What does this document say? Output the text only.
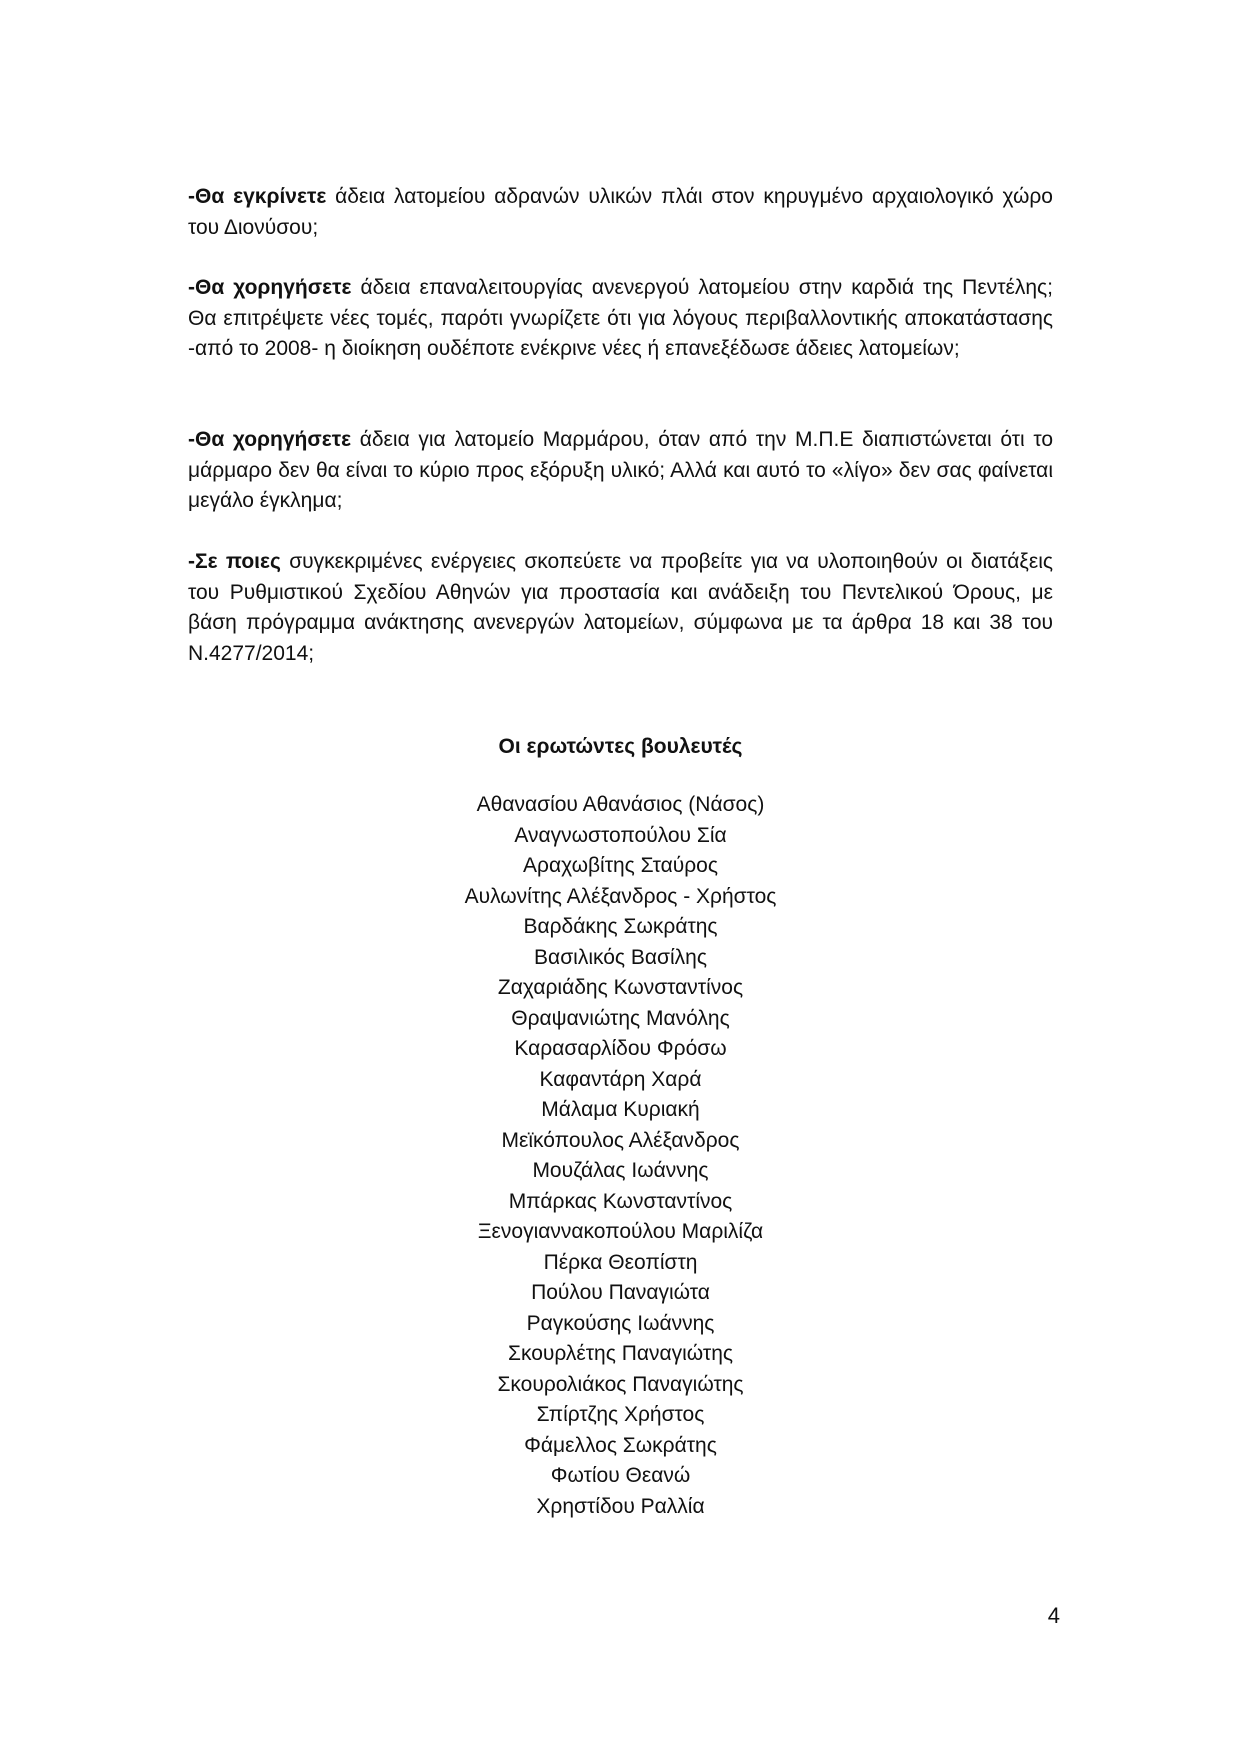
-Θα εγκρίνετε άδεια λατομείου αδρανών υλικών πλάι στον κηρυγμένο αρχαιολογικό χώρο του Διονύσου;

-Θα χορηγήσετε άδεια επαναλειτουργίας ανενεργού λατομείου στην καρδιά της Πεντέλης; Θα επιτρέψετε νέες τομές, παρότι γνωρίζετε ότι για λόγους περιβαλλοντικής αποκατάστασης -από το 2008- η διοίκηση ουδέποτε ενέκρινε νέες ή επανεξέδωσε άδειες λατομείων;

-Θα χορηγήσετε άδεια για λατομείο Μαρμάρου, όταν από την Μ.Π.Ε διαπιστώνεται ότι το μάρμαρο δεν θα είναι το κύριο προς εξόρυξη υλικό; Αλλά και αυτό το «λίγο» δεν σας φαίνεται μεγάλο έγκλημα;

-Σε ποιες συγκεκριμένες ενέργειες σκοπεύετε να προβείτε για να υλοποιηθούν οι διατάξεις του Ρυθμιστικού Σχεδίου Αθηνών για προστασία και ανάδειξη του Πεντελικού Όρους, με βάση πρόγραμμα ανάκτησης ανενεργών λατομείων, σύμφωνα με τα άρθρα 18 και 38 του Ν.4277/2014;

Οι ερωτώντες βουλευτές
Αθανασίου Αθανάσιος (Νάσος)
Αναγνωστοπούλου Σία
Αραχωβίτης Σταύρος
Αυλωνίτης Αλέξανδρος - Χρήστος
Βαρδάκης Σωκράτης
Βασιλικός Βασίλης
Ζαχαριάδης Κωνσταντίνος
Θραψανιώτης Μανόλης
Καρασαρλίδου Φρόσω
Καφαντάρη Χαρά
Μάλαμα Κυριακή
Μεϊκόπουλος Αλέξανδρος
Μουζάλας Ιωάννης
Μπάρκας Κωνσταντίνος
Ξενογιαννακοπούλου Μαριλίζα
Πέρκα Θεοπίστη
Πούλου Παναγιώτα
Ραγκούσης Ιωάννης
Σκουρλέτης Παναγιώτης
Σκουρολιάκος Παναγιώτης
Σπίρτζης Χρήστος
Φάμελλος Σωκράτης
Φωτίου Θεανώ
Χρηστίδου Ραλλία
4
